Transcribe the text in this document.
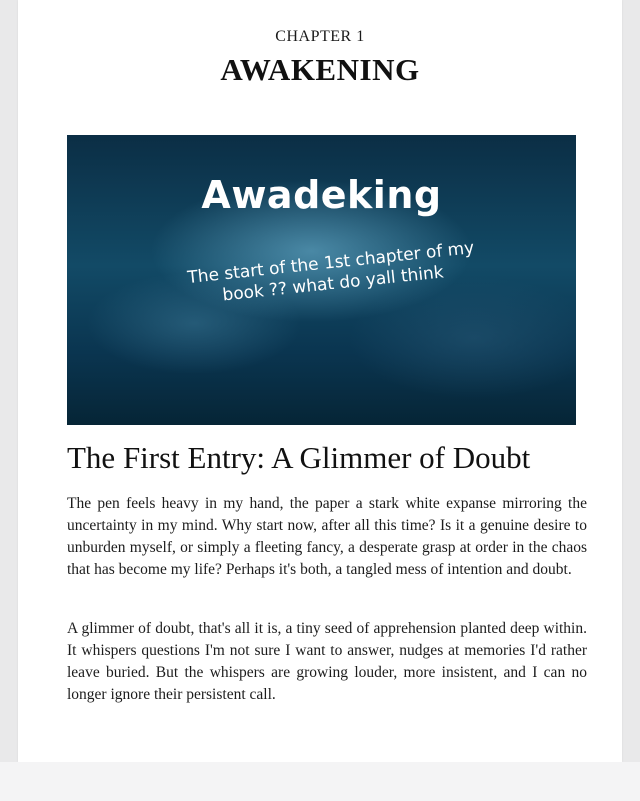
CHAPTER 1
AWAKENING
Awadeking
The start of the 1st chapter of my book ?? what do yall think
The First Entry: A Glimmer of Doubt

The pen feels heavy in my hand, the paper a stark white expanse mirroring the uncertainty in my mind. Why start now, after all this time? Is it a genuine desire to unburden myself, or simply a fleeting fancy, a desperate grasp at order in the chaos that has become my life? Perhaps it's both, a tangled mess of intention and doubt.

A glimmer of doubt, that's all it is, a tiny seed of apprehension planted deep within. It whispers questions I'm not sure I want to answer, nudges at memories I'd rather leave buried. But the whispers are growing louder, more insistent, and I can no longer ignore their persistent call.
